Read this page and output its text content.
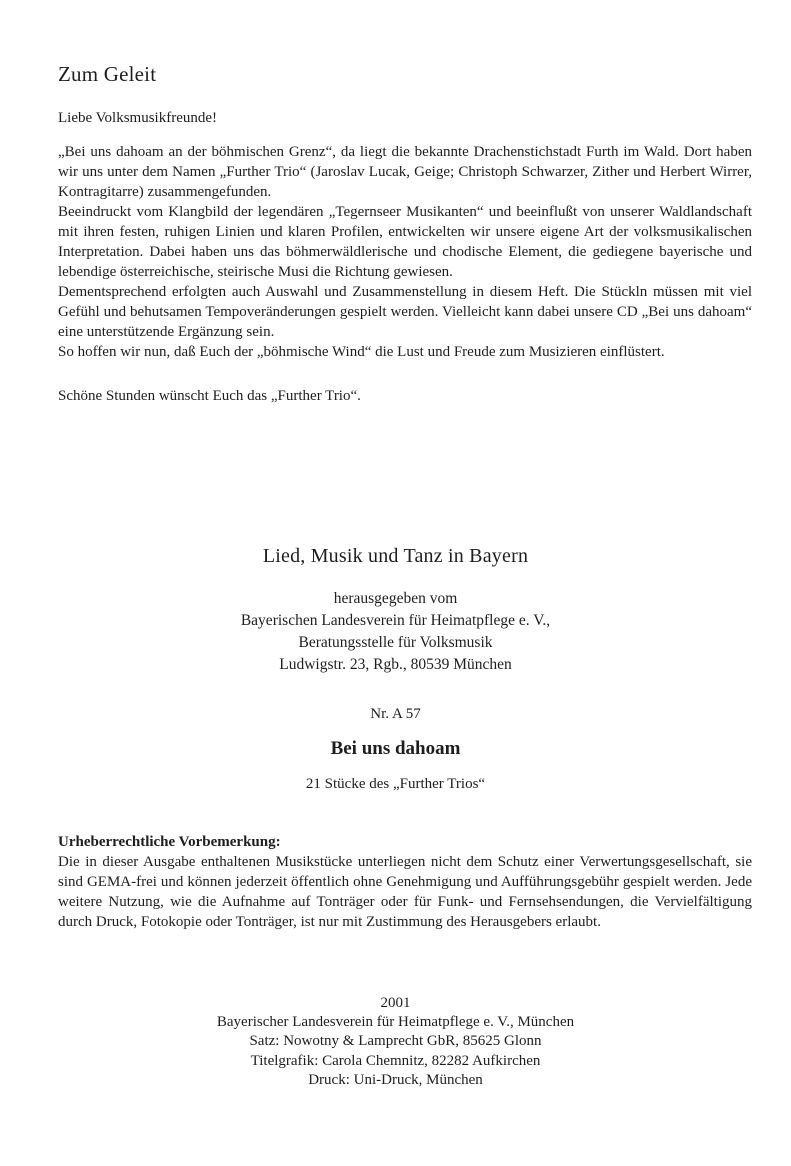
Zum Geleit

Liebe Volksmusikfreunde!

„Bei uns dahoam an der böhmischen Grenz“, da liegt die bekannte Drachenstichstadt Furth im Wald. Dort haben wir uns unter dem Namen „Further Trio“ (Jaroslav Lucak, Geige; Christoph Schwarzer, Zither und Herbert Wirrer, Kontragitarre) zusammengefunden.

Beeindruckt vom Klangbild der legendären „Tegernseer Musikanten“ und beeinflußt von unserer Waldlandschaft mit ihren festen, ruhigen Linien und klaren Profilen, entwickelten wir unsere eigene Art der volksmusikalischen Interpretation. Dabei haben uns das böhmerwäldlerische und chodische Element, die gediegene bayerische und lebendige österreichische, steirische Musi die Richtung gewiesen.

Dementsprechend erfolgten auch Auswahl und Zusammenstellung in diesem Heft. Die Stückln müssen mit viel Gefühl und behutsamen Tempoveränderungen gespielt werden. Vielleicht kann dabei unsere CD „Bei uns dahoam“ eine unterstützende Ergänzung sein.

So hoffen wir nun, daß Euch der „böhmische Wind“ die Lust und Freude zum Musizieren einflüstert.

Schöne Stunden wünscht Euch das „Further Trio“.

Lied, Musik und Tanz in Bayern
herausgegeben vom
Bayerischen Landesverein für Heimatpflege e. V.,
Beratungsstelle für Volksmusik
Ludwigstr. 23, Rgb., 80539 München

Nr. A 57

Bei uns dahoam

21 Stücke des „Further Trios“

Urheberrechtliche Vorbemerkung:

Die in dieser Ausgabe enthaltenen Musikstücke unterliegen nicht dem Schutz einer Verwertungsgesellschaft, sie sind GEMA-frei und können jederzeit öffentlich ohne Genehmigung und Aufführungsgebühr gespielt werden. Jede weitere Nutzung, wie die Aufnahme auf Tonträger oder für Funk- und Fernsehsendungen, die Vervielfältigung durch Druck, Fotokopie oder Tonträger, ist nur mit Zustimmung des Herausgebers erlaubt.

2001
Bayerischer Landesverein für Heimatpflege e. V., München
Satz: Nowotny & Lamprecht GbR, 85625 Glonn
Titelgrafik: Carola Chemnitz, 82282 Aufkirchen
Druck: Uni-Druck, München
